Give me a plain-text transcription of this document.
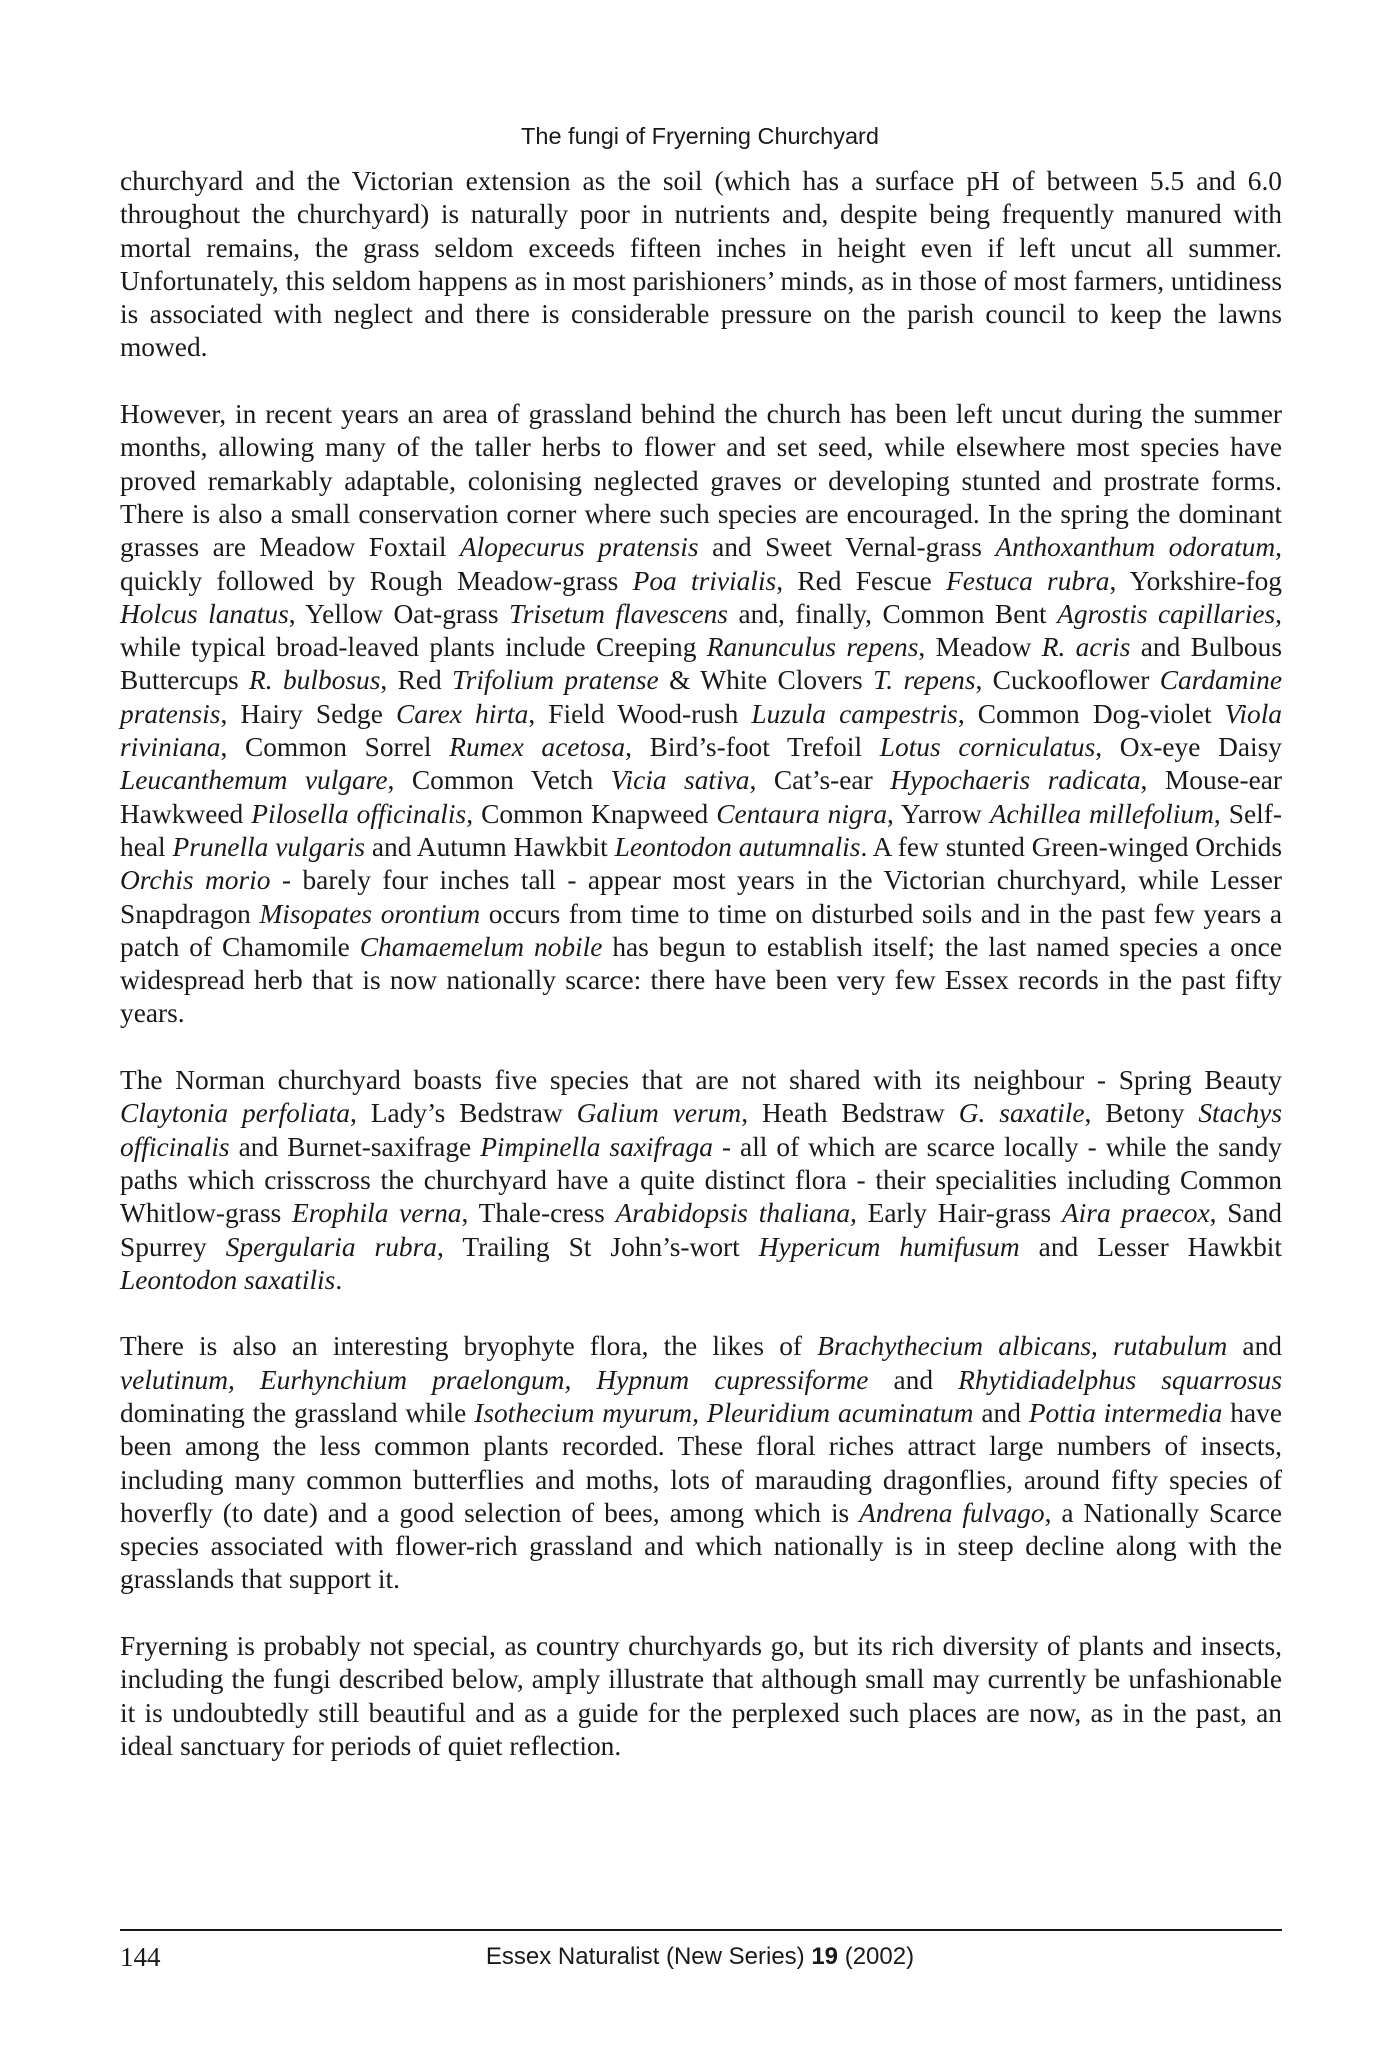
The fungi of Fryerning Churchyard

churchyard and the Victorian extension as the soil (which has a surface pH of between 5.5 and 6.0 throughout the churchyard) is naturally poor in nutrients and, despite being frequently manured with mortal remains, the grass seldom exceeds fifteen inches in height even if left uncut all summer. Unfortunately, this seldom happens as in most parishioners’ minds, as in those of most farmers, untidiness is associated with neglect and there is considerable pressure on the parish council to keep the lawns mowed.

However, in recent years an area of grassland behind the church has been left uncut during the summer months, allowing many of the taller herbs to flower and set seed, while elsewhere most species have proved remarkably adaptable, colonising neglected graves or developing stunted and prostrate forms. There is also a small conservation corner where such species are encouraged. In the spring the dominant grasses are Meadow Foxtail Alopecurus pratensis and Sweet Vernal-grass Anthoxanthum odoratum, quickly followed by Rough Meadow-grass Poa trivialis, Red Fescue Festuca rubra, Yorkshire-fog Holcus lanatus, Yellow Oat-grass Trisetum flavescens and, finally, Common Bent Agrostis capillaries, while typical broad-leaved plants include Creeping Ranunculus repens, Meadow R. acris and Bulbous Buttercups R. bulbosus, Red Trifolium pratense & White Clovers T. repens, Cuckooflower Cardamine pratensis, Hairy Sedge Carex hirta, Field Wood-rush Luzula campestris, Common Dog-violet Viola riviniana, Common Sorrel Rumex acetosa, Bird’s-foot Trefoil Lotus corniculatus, Ox-eye Daisy Leucanthemum vulgare, Common Vetch Vicia sativa, Cat’s-ear Hypochaeris radicata, Mouse-ear Hawkweed Pilosella officinalis, Common Knapweed Centaura nigra, Yarrow Achillea millefolium, Self-heal Prunella vulgaris and Autumn Hawkbit Leontodon autumnalis. A few stunted Green-winged Orchids Orchis morio - barely four inches tall - appear most years in the Victorian churchyard, while Lesser Snapdragon Misopates orontium occurs from time to time on disturbed soils and in the past few years a patch of Chamomile Chamaemelum nobile has begun to establish itself; the last named species a once widespread herb that is now nationally scarce: there have been very few Essex records in the past fifty years.

The Norman churchyard boasts five species that are not shared with its neighbour - Spring Beauty Claytonia perfoliata, Lady’s Bedstraw Galium verum, Heath Bedstraw G. saxatile, Betony Stachys officinalis and Burnet-saxifrage Pimpinella saxifraga - all of which are scarce locally - while the sandy paths which crisscross the churchyard have a quite distinct flora - their specialities including Common Whitlow-grass Erophila verna, Thale-cress Arabidopsis thaliana, Early Hair-grass Aira praecox, Sand Spurrey Spergularia rubra, Trailing St John’s-wort Hypericum humifusum and Lesser Hawkbit Leontodon saxatilis.

There is also an interesting bryophyte flora, the likes of Brachythecium albicans, rutabulum and velutinum, Eurhynchium praelongum, Hypnum cupressiforme and Rhytidiadelphus squarrosus dominating the grassland while Isothecium myurum, Pleuridium acuminatum and Pottia intermedia have been among the less common plants recorded. These floral riches attract large numbers of insects, including many common butterflies and moths, lots of marauding dragonflies, around fifty species of hoverfly (to date) and a good selection of bees, among which is Andrena fulvago, a Nationally Scarce species associated with flower-rich grassland and which nationally is in steep decline along with the grasslands that support it.

Fryerning is probably not special, as country churchyards go, but its rich diversity of plants and insects, including the fungi described below, amply illustrate that although small may currently be unfashionable it is undoubtedly still beautiful and as a guide for the perplexed such places are now, as in the past, an ideal sanctuary for periods of quiet reflection.

144	Essex Naturalist (New Series) 19 (2002)
